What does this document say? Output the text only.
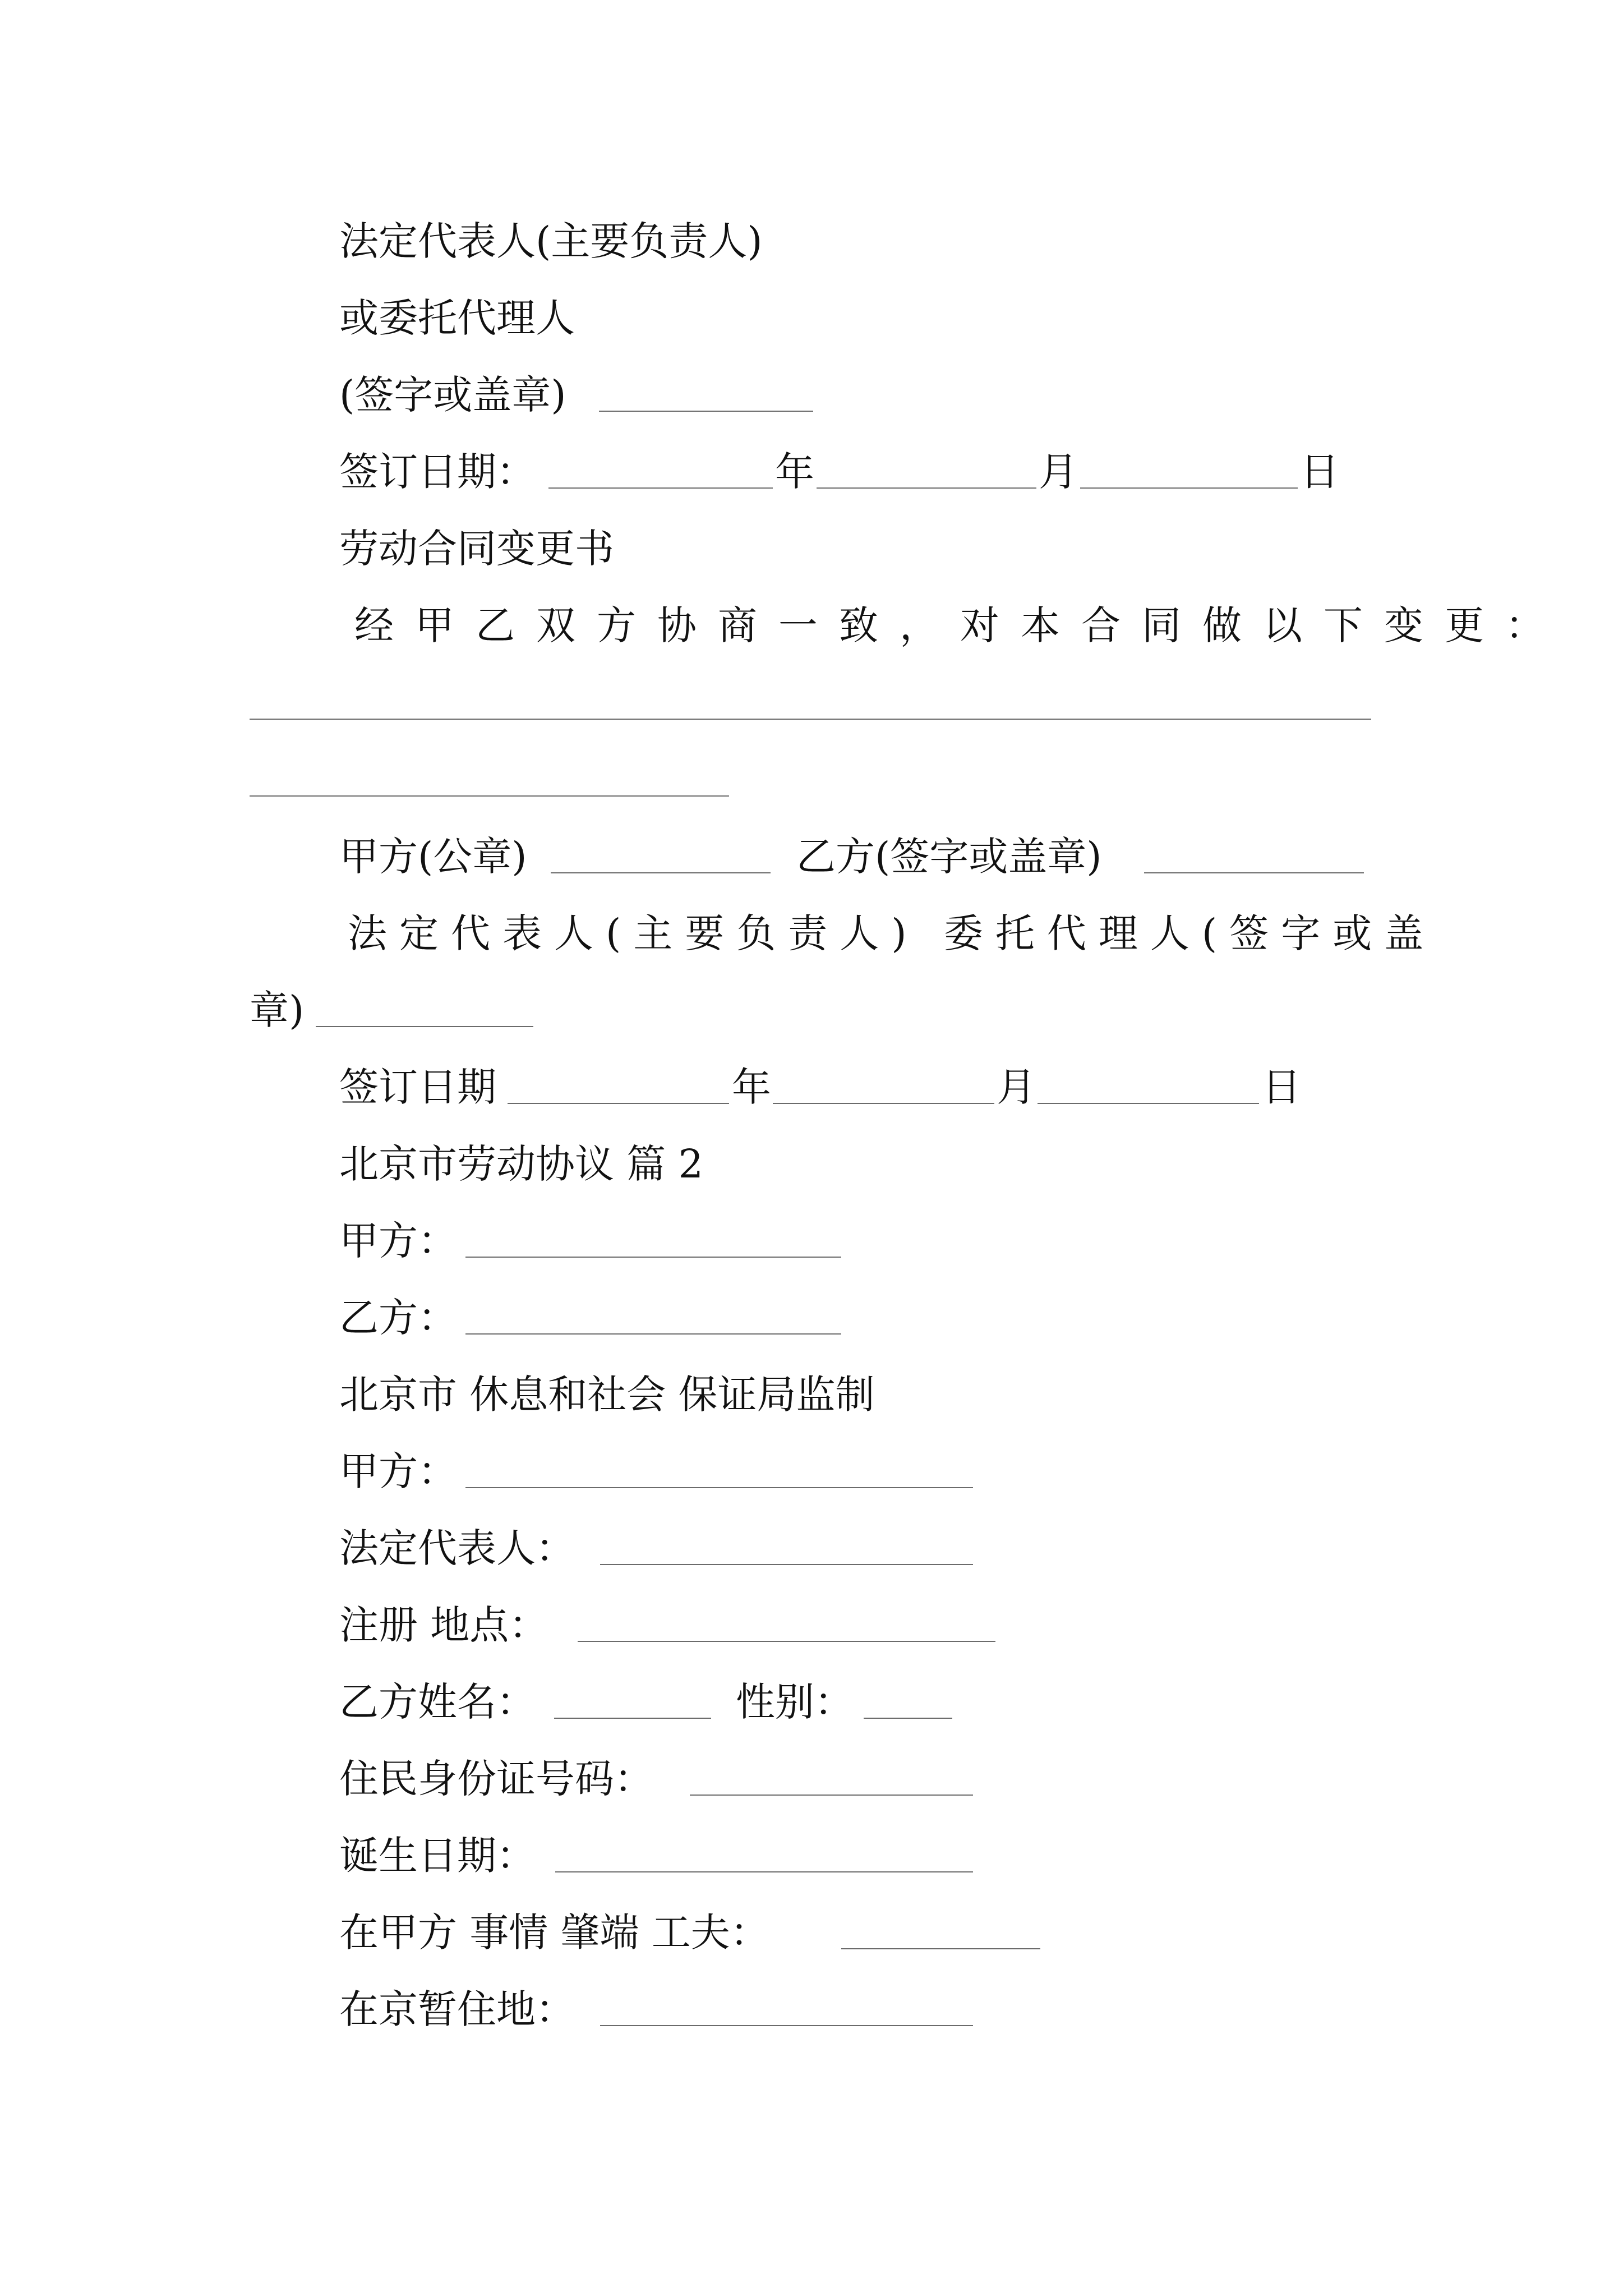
法定代表人(主要负责人)
或委托代理人
(签字或盖章)
签订日期：	年	月	日
劳动合同变更书
经甲乙双方协商一致，对本合同做以下变更：
甲方(公章)	乙方(签字或盖章)
法定代表人(主要负责人) 委托代理人(签字或盖
章)
签订日期	年	月	日
北京市劳动协议 篇 2
甲方：
乙方：
北京市 休息和社会 保证局监制
甲方：
法定代表人：
注册 地点：
乙方姓名：	性别：
住民身份证号码：
诞生日期：
在甲方 事情 肇端 工夫：
在京暂住地：
